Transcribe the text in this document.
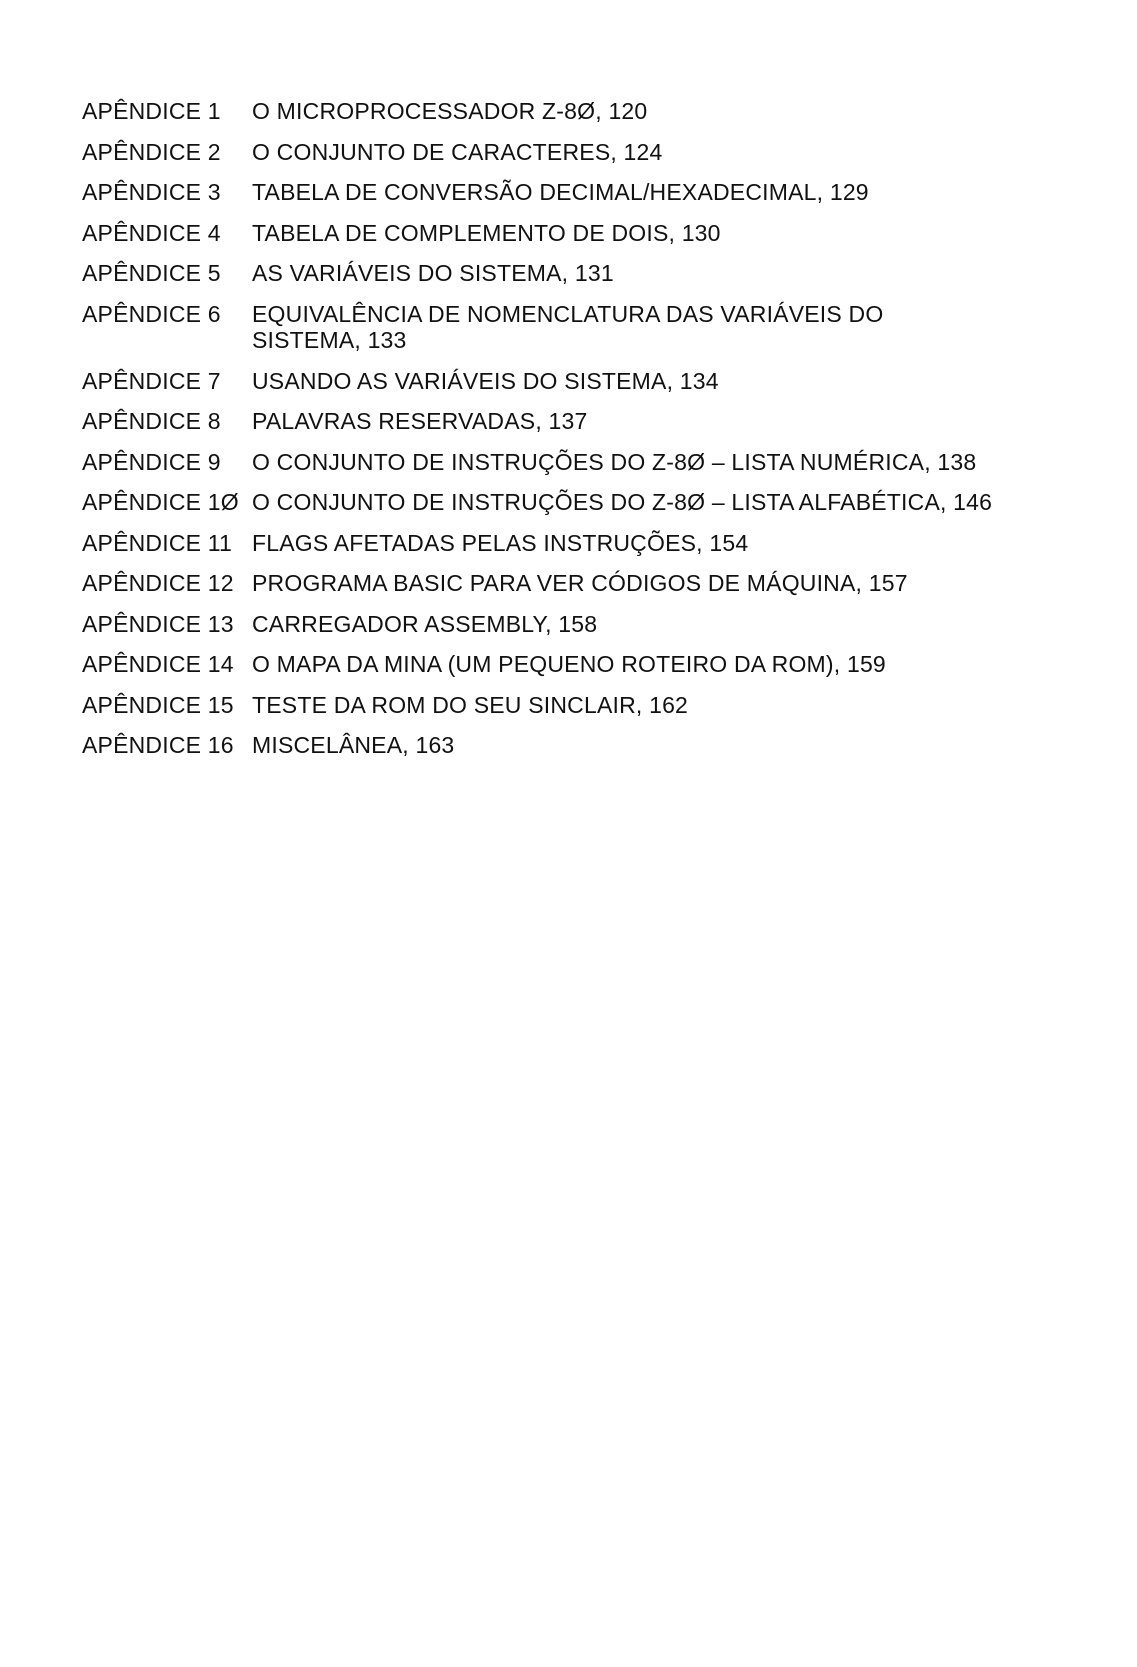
APÊNDICE 1	O MICROPROCESSADOR Z-8Ø, 120
APÊNDICE 2	O CONJUNTO DE CARACTERES, 124
APÊNDICE 3	TABELA DE CONVERSÃO DECIMAL/HEXADECIMAL, 129
APÊNDICE 4	TABELA DE COMPLEMENTO DE DOIS, 130
APÊNDICE 5	AS VARIÁVEIS DO SISTEMA, 131
APÊNDICE 6	EQUIVALÊNCIA DE NOMENCLATURA DAS VARIÁVEIS DO SISTEMA, 133
APÊNDICE 7	USANDO AS VARIÁVEIS DO SISTEMA, 134
APÊNDICE 8	PALAVRAS RESERVADAS, 137
APÊNDICE 9	O CONJUNTO DE INSTRUÇÕES DO Z-8Ø – LISTA NUMÉRICA, 138
APÊNDICE 1Ø O CONJUNTO DE INSTRUÇÕES DO Z-8Ø – LISTA ALFABÉTICA, 146
APÊNDICE 11 FLAGS AFETADAS PELAS INSTRUÇÕES, 154
APÊNDICE 12 PROGRAMA BASIC PARA VER CÓDIGOS DE MÁQUINA, 157
APÊNDICE 13 CARREGADOR ASSEMBLY, 158
APÊNDICE 14 O MAPA DA MINA (UM PEQUENO ROTEIRO DA ROM), 159
APÊNDICE 15 TESTE DA ROM DO SEU SINCLAIR, 162
APÊNDICE 16 MISCELÂNEA, 163
